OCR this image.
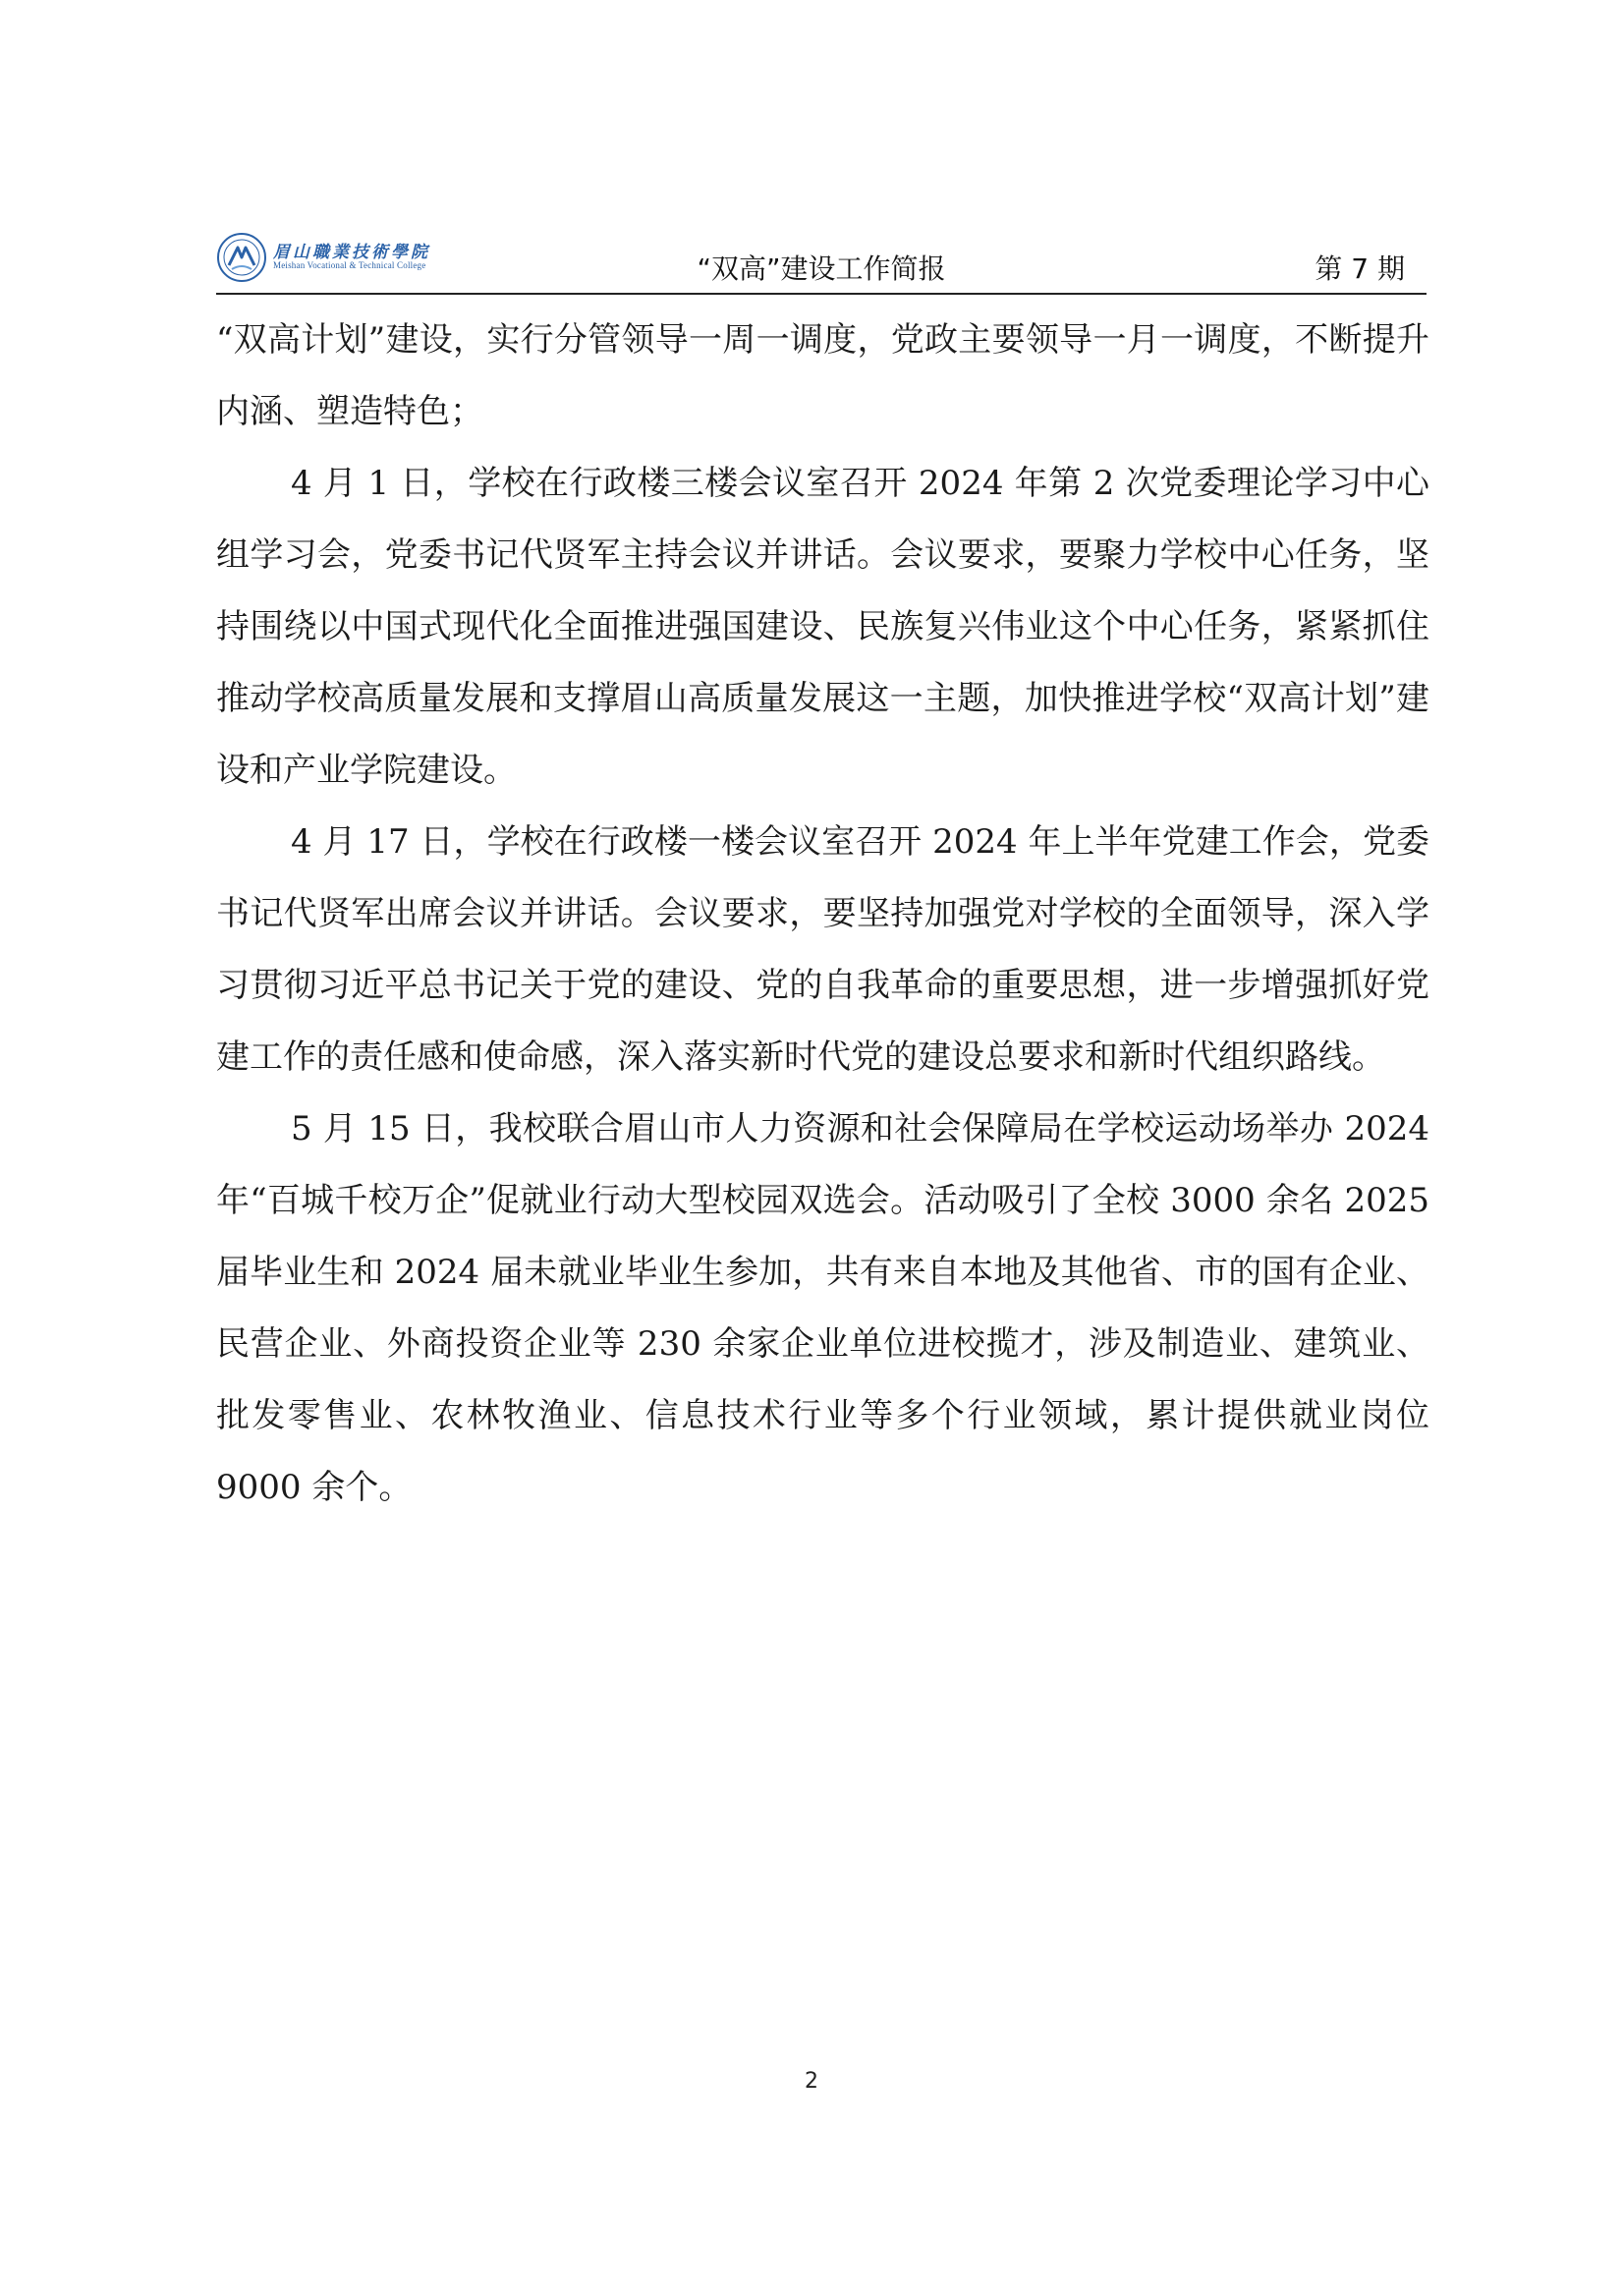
眉山職業技術學院
Meishan Vocational & Technical College	“双高”建设工作简报	第 7 期

“双高计划”建设，实行分管领导一周一调度，党政主要领导一月一调度，不断提升内涵、塑造特色；

4 月 1 日，学校在行政楼三楼会议室召开 2024 年第 2 次党委理论学习中心组学习会，党委书记代贤军主持会议并讲话。会议要求，要聚力学校中心任务，坚持围绕以中国式现代化全面推进强国建设、民族复兴伟业这个中心任务，紧紧抓住推动学校高质量发展和支撑眉山高质量发展这一主题，加快推进学校“双高计划”建设和产业学院建设。

4 月 17 日，学校在行政楼一楼会议室召开 2024 年上半年党建工作会，党委书记代贤军出席会议并讲话。会议要求，要坚持加强党对学校的全面领导，深入学习贯彻习近平总书记关于党的建设、党的自我革命的重要思想，进一步增强抓好党建工作的责任感和使命感，深入落实新时代党的建设总要求和新时代组织路线。

5 月 15 日，我校联合眉山市人力资源和社会保障局在学校运动场举办 2024 年“百城千校万企”促就业行动大型校园双选会。活动吸引了全校 3000 余名 2025 届毕业生和 2024 届未就业毕业生参加，共有来自本地及其他省、市的国有企业、民营企业、外商投资企业等 230 余家企业单位进校揽才，涉及制造业、建筑业、批发零售业、农林牧渔业、信息技术行业等多个行业领域，累计提供就业岗位 9000 余个。

2
